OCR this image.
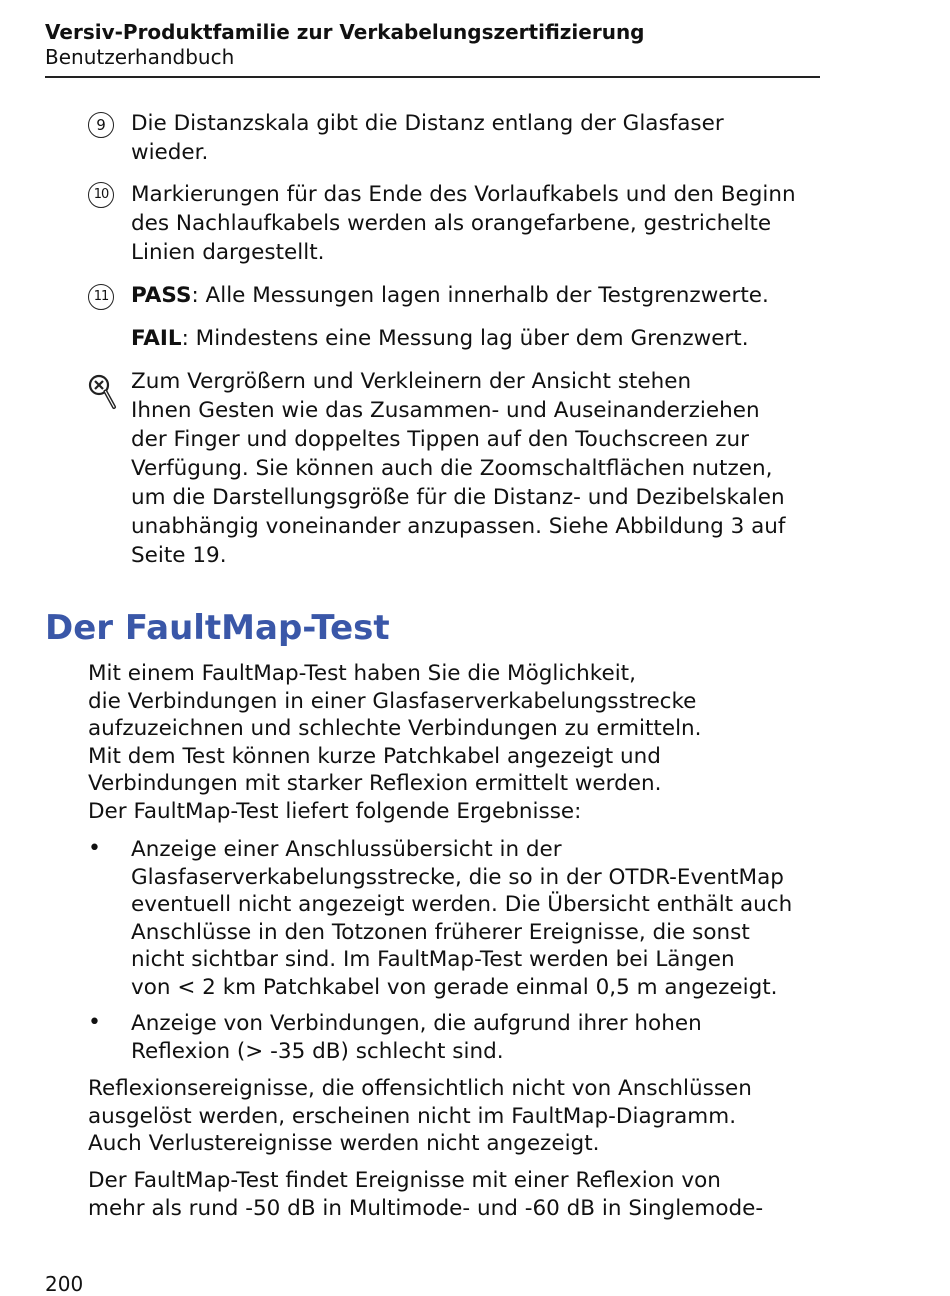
Versiv-Produktfamilie zur Verkabelungszertifizierung
Benutzerhandbuch
9	Die Distanzskala gibt die Distanz entlang der Glasfaser
wieder.
10 Markierungen für das Ende des Vorlaufkabels und den Beginn
des Nachlaufkabels werden als orangefarbene, gestrichelte
Linien dargestellt.
11 PASS: Alle Messungen lagen innerhalb der Testgrenzwerte.
FAIL: Mindestens eine Messung lag über dem Grenzwert.
Zum Vergrößern und Verkleinern der Ansicht stehen
Ihnen Gesten wie das Zusammen- und Auseinanderziehen
der Finger und doppeltes Tippen auf den Touchscreen zur
Verfügung. Sie können auch die Zoomschaltflächen nutzen,
um die Darstellungsgröße für die Distanz- und Dezibelskalen
unabhängig voneinander anzupassen. Siehe Abbildung 3 auf
Seite 19.
Der FaultMap-Test
Mit einem FaultMap-Test haben Sie die Möglichkeit,
die Verbindungen in einer Glasfaserverkabelungsstrecke
aufzuzeichnen und schlechte Verbindungen zu ermitteln.
Mit dem Test können kurze Patchkabel angezeigt und
Verbindungen mit starker Reflexion ermittelt werden.
Der FaultMap-Test liefert folgende Ergebnisse:
• Anzeige einer Anschlussübersicht in der
Glasfaserverkabelungsstrecke, die so in der OTDR-EventMap
eventuell nicht angezeigt werden. Die Übersicht enthält auch
Anschlüsse in den Totzonen früherer Ereignisse, die sonst
nicht sichtbar sind. Im FaultMap-Test werden bei Längen
von < 2 km Patchkabel von gerade einmal 0,5 m angezeigt.
• Anzeige von Verbindungen, die aufgrund ihrer hohen
Reflexion (> -35 dB) schlecht sind.
Reflexionsereignisse, die offensichtlich nicht von Anschlüssen
ausgelöst werden, erscheinen nicht im FaultMap-Diagramm.
Auch Verlustereignisse werden nicht angezeigt.
Der FaultMap-Test findet Ereignisse mit einer Reflexion von
mehr als rund -50 dB in Multimode- und -60 dB in Singlemode-
200
